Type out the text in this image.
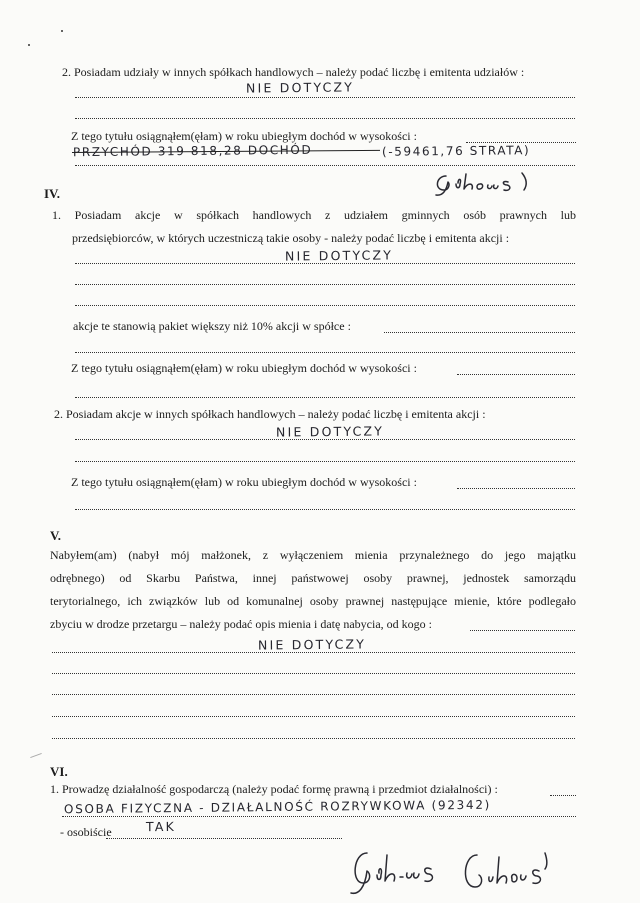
2. Posiadam udziały w innych spółkach handlowych – należy podać liczbę i emitenta udziałów :
NIE DOTYCZY
Z tego tytułu osiągnąłem(ęłam) w roku ubiegłym dochód w wysokości :
PRZYCHÓD 319 818,28 DOCHÓD	(-59461,76 STRATA)
IV.
1. Posiadam akcje w spółkach handlowych z udziałem gminnych osób prawnych lub
przedsiębiorców, w których uczestniczą takie osoby - należy podać liczbę i emitenta akcji :
NIE DOTYCZY
akcje te stanowią pakiet większy niż 10% akcji w spółce :
Z tego tytułu osiągnąłem(ęłam) w roku ubiegłym dochód w wysokości :
2. Posiadam akcje w innych spółkach handlowych – należy podać liczbę i emitenta akcji :
NIE DOTYCZY
Z tego tytułu osiągnąłem(ęłam) w roku ubiegłym dochód w wysokości :
V.
Nabyłem(am) (nabył mój małżonek, z wyłączeniem mienia przynależnego do jego majątku
odrębnego) od Skarbu Państwa, innej państwowej osoby prawnej, jednostek samorządu
terytorialnego, ich związków lub od komunalnej osoby prawnej następujące mienie, które podlegało
zbyciu w drodze przetargu – należy podać opis mienia i datę nabycia, od kogo :
NIE DOTYCZY
VI.
1. Prowadzę działalność gospodarczą (należy podać formę prawną i przedmiot działalności) :
OSOBA FIZYCZNA - DZIAŁALNOŚĆ ROZRYWKOWA (92342)
- osobiście	TAK
